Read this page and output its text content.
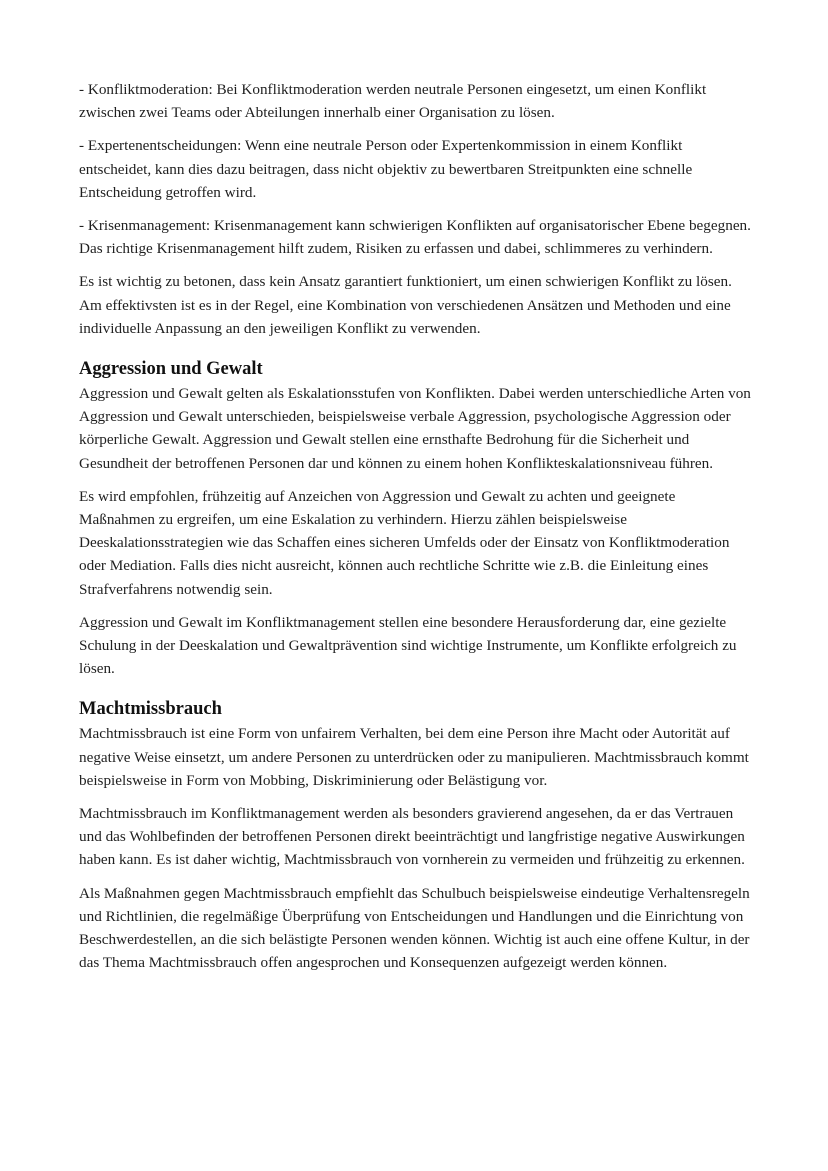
- Konfliktmoderation: Bei Konfliktmoderation werden neutrale Personen eingesetzt, um einen Konflikt zwischen zwei Teams oder Abteilungen innerhalb einer Organisation zu lösen.

- Expertenentscheidungen: Wenn eine neutrale Person oder Expertenkommission in einem Konflikt entscheidet, kann dies dazu beitragen, dass nicht objektiv zu bewertbaren Streitpunkten eine schnelle Entscheidung getroffen wird.

- Krisenmanagement: Krisenmanagement kann schwierigen Konflikten auf organisatorischer Ebene begegnen. Das richtige Krisenmanagement hilft zudem, Risiken zu erfassen und dabei, schlimmeres zu verhindern.

Es ist wichtig zu betonen, dass kein Ansatz garantiert funktioniert, um einen schwierigen Konflikt zu lösen. Am effektivsten ist es in der Regel, eine Kombination von verschiedenen Ansätzen und Methoden und eine individuelle Anpassung an den jeweiligen Konflikt zu verwenden.

Aggression und Gewalt

Aggression und Gewalt gelten als Eskalationsstufen von Konflikten. Dabei werden unterschiedliche Arten von Aggression und Gewalt unterschieden, beispielsweise verbale Aggression, psychologische Aggression oder körperliche Gewalt. Aggression und Gewalt stellen eine ernsthafte Bedrohung für die Sicherheit und Gesundheit der betroffenen Personen dar und können zu einem hohen Konflikteskalationsniveau führen.

Es wird empfohlen, frühzeitig auf Anzeichen von Aggression und Gewalt zu achten und geeignete Maßnahmen zu ergreifen, um eine Eskalation zu verhindern. Hierzu zählen beispielsweise Deeskalationsstrategien wie das Schaffen eines sicheren Umfelds oder der Einsatz von Konfliktmoderation oder Mediation. Falls dies nicht ausreicht, können auch rechtliche Schritte wie z.B. die Einleitung eines Strafverfahrens notwendig sein.

Aggression und Gewalt im Konfliktmanagement stellen eine besondere Herausforderung dar, eine gezielte Schulung in der Deeskalation und Gewaltprävention sind wichtige Instrumente, um Konflikte erfolgreich zu lösen.

Machtmissbrauch

Machtmissbrauch ist eine Form von unfairem Verhalten, bei dem eine Person ihre Macht oder Autorität auf negative Weise einsetzt, um andere Personen zu unterdrücken oder zu manipulieren. Machtmissbrauch kommt beispielsweise in Form von Mobbing, Diskriminierung oder Belästigung vor.

Machtmissbrauch im Konfliktmanagement werden als besonders gravierend angesehen, da er das Vertrauen und das Wohlbefinden der betroffenen Personen direkt beeinträchtigt und langfristige negative Auswirkungen haben kann. Es ist daher wichtig, Machtmissbrauch von vornherein zu vermeiden und frühzeitig zu erkennen.

Als Maßnahmen gegen Machtmissbrauch empfiehlt das Schulbuch beispielsweise eindeutige Verhaltensregeln und Richtlinien, die regelmäßige Überprüfung von Entscheidungen und Handlungen und die Einrichtung von Beschwerdestellen, an die sich belästigte Personen wenden können. Wichtig ist auch eine offene Kultur, in der das Thema Machtmissbrauch offen angesprochen und Konsequenzen aufgezeigt werden können.
